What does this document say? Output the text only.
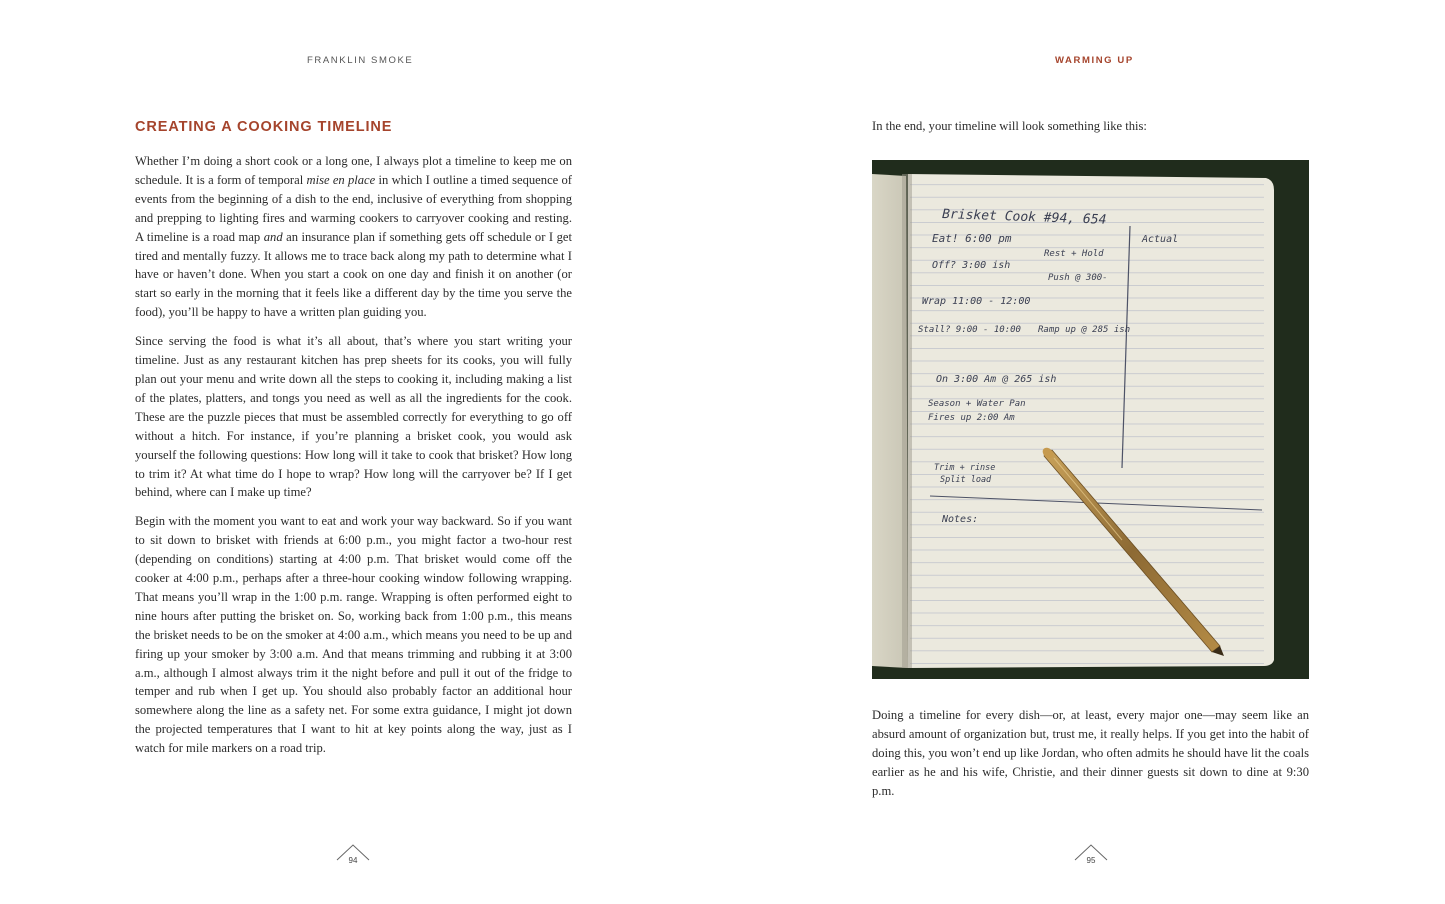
FRANKLIN SMOKE
CREATING A COOKING TIMELINE

Whether I’m doing a short cook or a long one, I always plot a timeline to keep me on schedule. It is a form of temporal mise en place in which I outline a timed sequence of events from the beginning of a dish to the end, inclusive of everything from shopping and prepping to lighting fires and warming cookers to carryover cooking and resting. A timeline is a road map and an insurance plan if something gets off schedule or I get tired and mentally fuzzy. It allows me to trace back along my path to determine what I have or haven’t done. When you start a cook on one day and finish it on another (or start so early in the morning that it feels like a different day by the time you serve the food), you’ll be happy to have a written plan guiding you.

Since serving the food is what it’s all about, that’s where you start writing your timeline. Just as any restaurant kitchen has prep sheets for its cooks, you will fully plan out your menu and write down all the steps to cooking it, including making a list of the plates, platters, and tongs you need as well as all the ingredients for the cook. These are the puzzle pieces that must be assembled correctly for everything to go off without a hitch. For instance, if you’re planning a brisket cook, you would ask yourself the following questions: How long will it take to cook that brisket? How long to trim it? At what time do I hope to wrap? How long will the carryover be? If I get behind, where can I make up time?

Begin with the moment you want to eat and work your way backward. So if you want to sit down to brisket with friends at 6:00 p.m., you might factor a two-hour rest (depending on conditions) starting at 4:00 p.m. That brisket would come off the cooker at 4:00 p.m., perhaps after a three-hour cooking window following wrapping. That means you’ll wrap in the 1:00 p.m. range. Wrapping is often performed eight to nine hours after putting the brisket on. So, working back from 1:00 p.m., this means the brisket needs to be on the smoker at 4:00 a.m., which means you need to be up and firing up your smoker by 3:00 a.m. And that means trimming and rubbing it at 3:00 a.m., although I almost always trim it the night before and pull it out of the fridge to temper and rub when I get up. You should also probably factor an additional hour somewhere along the line as a safety net. For some extra guidance, I might jot down the projected temperatures that I want to hit at key points along the way, just as I watch for mile markers on a road trip.

94
WARMING UP
In the end, your timeline will look something like this:
Brisket Cook #94, 654
Actual
Eat! 6:00 pm
Rest + Hold
Off? 3:00 ish
Push @ 300-
Wrap 11:00 - 12:00
Stall? 9:00 - 10:00 Ramp up @ 285 ish
On 3:00 Am @ 265 ish
Season + Water Pan
Fires up 2:00 Am
Trim + rinse
Split load
Notes:
Doing a timeline for every dish—or, at least, every major one—may seem like an absurd amount of organization but, trust me, it really helps. If you get into the habit of doing this, you won’t end up like Jordan, who often admits he should have lit the coals earlier as he and his wife, Christie, and their dinner guests sit down to dine at 9:30 p.m.
95
